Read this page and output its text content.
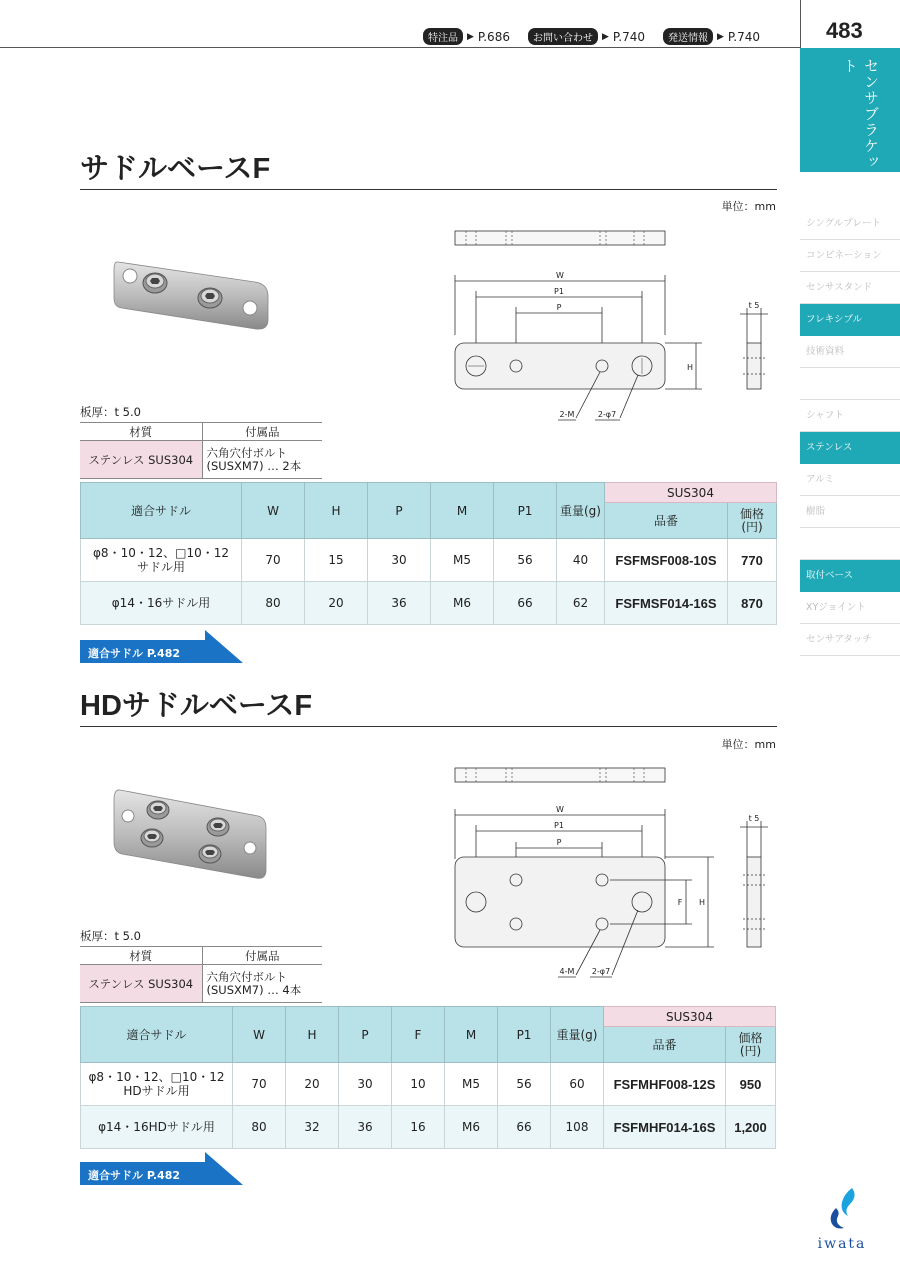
特注品	▶ P.686	お問い合わせ	▶ P.740	発送情報	▶ P.740	483
センサブラケット
シングルプレート
コンビネーション
センサスタンド
フレキシブル
技術資料
シャフト
ステンレス
アルミ
樹脂
取付ベース
XYジョイント
センサアタッチ
サドルベースF
単位：mm
W
P1
P
H
t 5
2-M	2-φ7
板厚：t 5.0
材質	付属品
ステンレス SUS304	六角穴付ボルト
(SUSXM7) … 2本
適合サドル	W	H	P	M	P1	重量(g)	SUS304	
							品番	価格
(円)
φ8・10・12、□10・12
サドル用	70	15	30	M5	56	40	FSFMSF008-10S	770
φ14・16サドル用	80	20	36	M6	66	62	FSFMSF014-16S	870
適合サドル P.482
HDサドルベースF
単位：mm
W
P1
P
H
F
t 5
4-M 2-φ7
板厚：t 5.0
材質	付属品
ステンレス SUS304	六角穴付ボルト
(SUSXM7) … 4本
適合サドル	W	H	P	F	M	P1	重量(g)	SUS304	
								品番	価格
(円)
φ8・10・12、□10・12
HDサドル用	70	20	30	10	M5	56	60	FSFMHF008-12S	950
φ14・16HDサドル用	80	32	36	16	M6	66	108	FSFMHF014-16S	1,200
適合サドル P.482
iwata
